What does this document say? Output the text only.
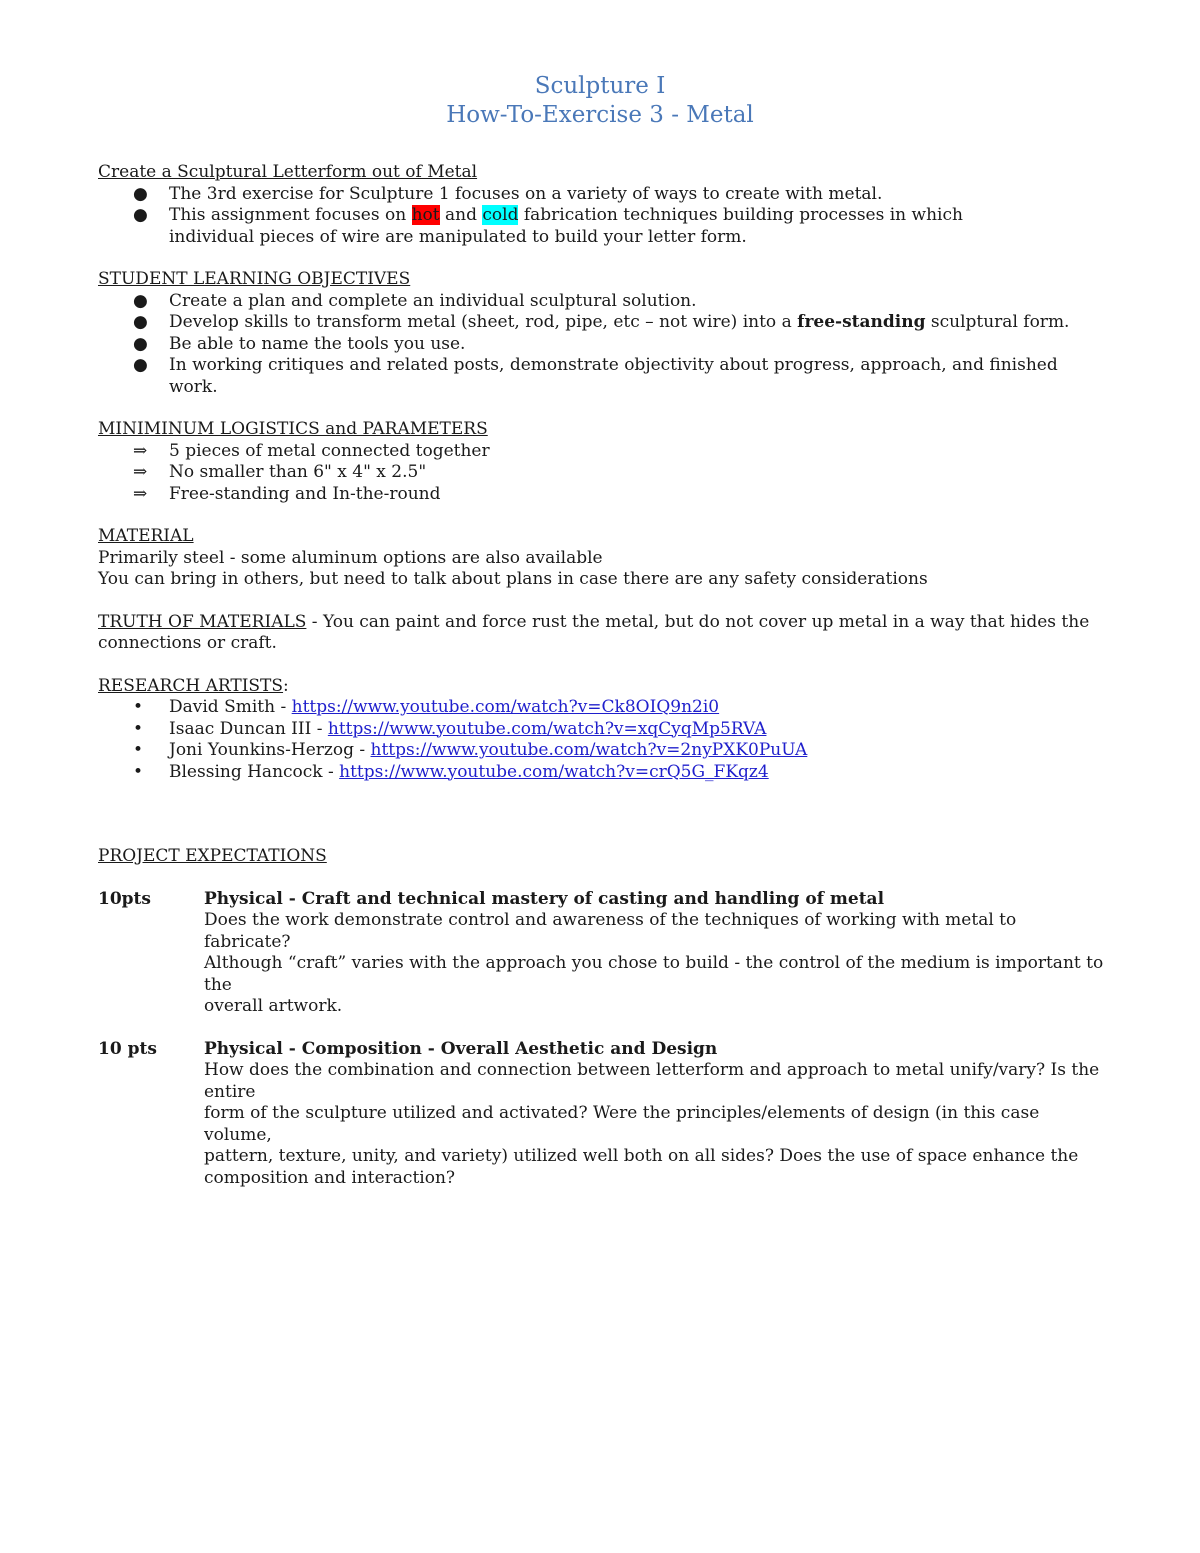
Sculpture I
How-To-Exercise 3 - Metal
Create a Sculptural Letterform out of Metal
●	The 3rd exercise for Sculpture 1 focuses on a variety of ways to create with metal.
●	This assignment focuses on hot and cold fabrication techniques building processes in which
individual pieces of wire are manipulated to build your letter form.
STUDENT LEARNING OBJECTIVES
●	Create a plan and complete an individual sculptural solution.
●	Develop skills to transform metal (sheet, rod, pipe, etc – not wire) into a free-standing sculptural form.
●	Be able to name the tools you use.
●	In working critiques and related posts, demonstrate objectivity about progress, approach, and finished
work.
MINIMINUM LOGISTICS and PARAMETERS
⇒	5 pieces of metal connected together
⇒	No smaller than 6" x 4" x 2.5"
⇒	Free-standing and In-the-round
MATERIAL
Primarily steel - some aluminum options are also available
You can bring in others, but need to talk about plans in case there are any safety considerations
TRUTH OF MATERIALS - You can paint and force rust the metal, but do not cover up metal in a way that hides the
connections or craft.
RESEARCH ARTISTS:
•	David Smith - https://www.youtube.com/watch?v=Ck8OIQ9n2i0
•	Isaac Duncan III - https://www.youtube.com/watch?v=xqCyqMp5RVA
•	Joni Younkins-Herzog - https://www.youtube.com/watch?v=2nyPXK0PuUA
•	Blessing Hancock - https://www.youtube.com/watch?v=crQ5G_FKqz4
PROJECT EXPECTATIONS
10pts	Physical - Craft and technical mastery of casting and handling of metal
Does the work demonstrate control and awareness of the techniques of working with metal to fabricate?
Although “craft” varies with the approach you chose to build - the control of the medium is important to the
overall artwork.
10 pts	Physical - Composition - Overall Aesthetic and Design
How does the combination and connection between letterform and approach to metal unify/vary? Is the entire
form of the sculpture utilized and activated? Were the principles/elements of design (in this case volume,
pattern, texture, unity, and variety) utilized well both on all sides? Does the use of space enhance the
composition and interaction?
